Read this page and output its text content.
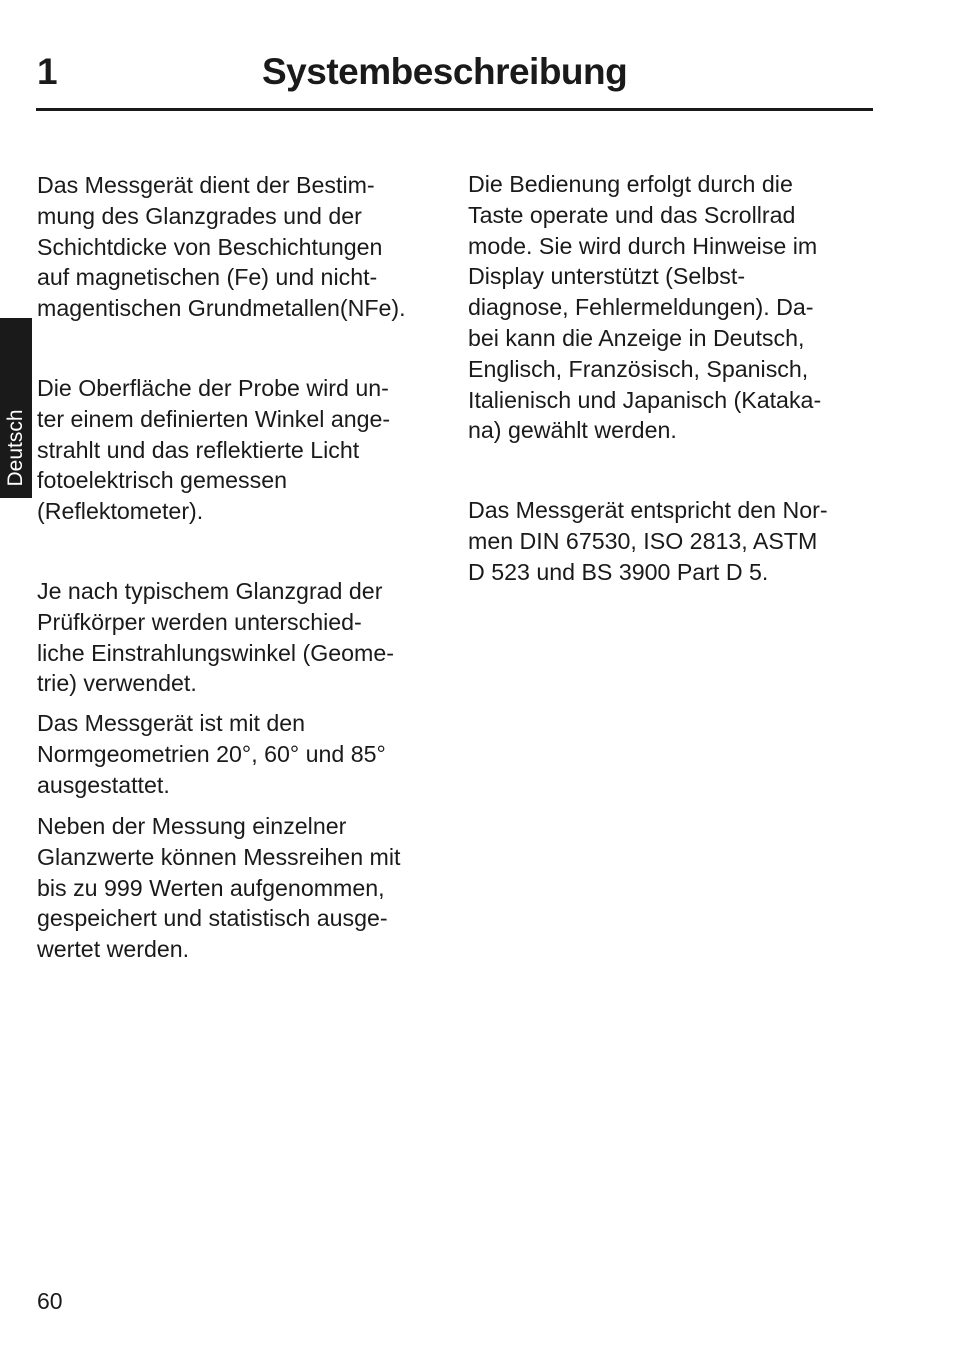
1	Systembeschreibung
Deutsch

Das Messgerät dient der Bestim-
mung des Glanzgrades und der
Schichtdicke von Beschichtungen
auf magnetischen (Fe) und nicht-
magentischen Grundmetallen(NFe).

Die Oberfläche der Probe wird un-
ter einem definierten Winkel ange-
strahlt und das reflektierte Licht
fotoelektrisch gemessen
(Reflektometer).

Je nach typischem Glanzgrad der
Prüfkörper werden unterschied-
liche Einstrahlungswinkel (Geome-
trie) verwendet.

Das Messgerät ist mit den
Normgeometrien 20°, 60° und 85°
ausgestattet.

Neben der Messung einzelner
Glanzwerte können Messreihen mit
bis zu 999 Werten aufgenommen,
gespeichert und statistisch ausge-
wertet werden.

Die Bedienung erfolgt durch die
Taste operate und das Scrollrad
mode. Sie wird durch Hinweise im
Display unterstützt (Selbst-
diagnose, Fehlermeldungen). Da-
bei kann die Anzeige in Deutsch,
Englisch, Französisch, Spanisch,
Italienisch und Japanisch (Kataka-
na) gewählt werden.

Das Messgerät entspricht den Nor-
men DIN 67530, ISO 2813, ASTM
D 523 und BS 3900 Part D 5.

60
